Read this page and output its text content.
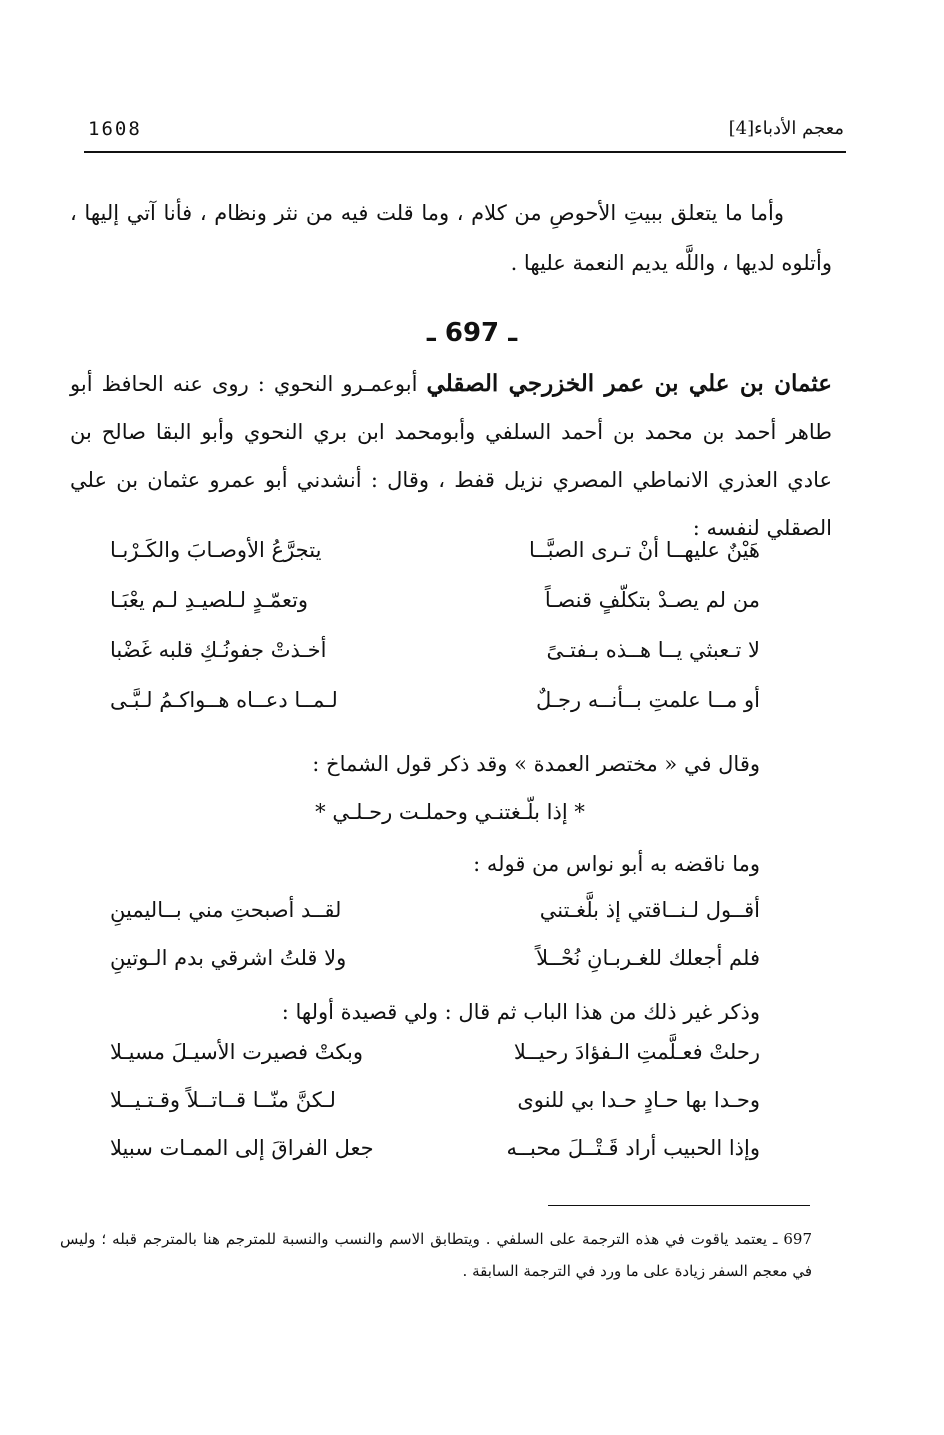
1608	معجم الأدباء[4]
وأما ما يتعلق ببيتِ الأحوصِ من كلام ، وما قلت فيه من نثر ونظام ، فأنا آتي إليها ، وأتلوه لديها ، واللَّه يديم النعمة عليها .
ـ 697 ـ
عثمان بن علي بن عمر الخزرجي الصقلي أبوعمـرو النحوي : روى عنه الحافظ أبو طاهر أحمد بن محمد بن أحمد السلفي وأبومحمد ابن بري النحوي وأبو البقا صالح بن عادي العذري الانماطي المصري نزيل قفط ، وقال : أنشدني أبو عمرو عثمان بن علي الصقلي لنفسه :
هَيْنٌ عليهــا أنْ تـرى الصبَّــا
يتجرَّعُ الأوصـابَ والكَـرْبـا
من لم يصـدْ بتكلّفٍ قنصـاً
وتعمّـدٍ لـلصيـدِ لـم يعْبَـا
لا تـعبثي يــا هــذه بـفتـىً
أخـذتْ جفونُـكِ قلبه غَضْبا
أو مــا علمتِ بــأنــه رجـلٌ
لـمــا دعــاه هــواكـمُ لـبَّـى
وقال في « مختصر العمدة » وقد ذكر قول الشماخ :
* إذا بلّـغتنـي وحملـت رحـلـي *
وما ناقضه به أبو نواس من قوله :
أقــول لـنــاقتي إذ بلَّغـتني
لقــد أصبحتِ مني بــاليمينِ
فلم أجعلك للغـربـانِ نُحْــلاً
ولا قلتُ اشرقي بدم الـوتينِ
وذكر غير ذلك من هذا الباب ثم قال : ولي قصيدة أولها :
رحلتْ فعـلَّمتِ الـفؤادَ رحيــلا
وبكتْ فصيرت الأسيـلَ مسيـلا
وحـدا بها حـادٍ حـدا بي للنوى
لـكنَّ منّــا قــاتــلاً وقـتـيــلا
وإذا الحبيب أراد قَـتْــلَ محبــه
جعل الفراقَ إلى الممـات سبيلا
697 ـ يعتمد ياقوت في هذه الترجمة على السلفي . ويتطابق الاسم والنسب والنسبة للمترجم هنا بالمترجم قبله ؛ وليس في معجم السفر زيادة على ما ورد في الترجمة السابقة .
